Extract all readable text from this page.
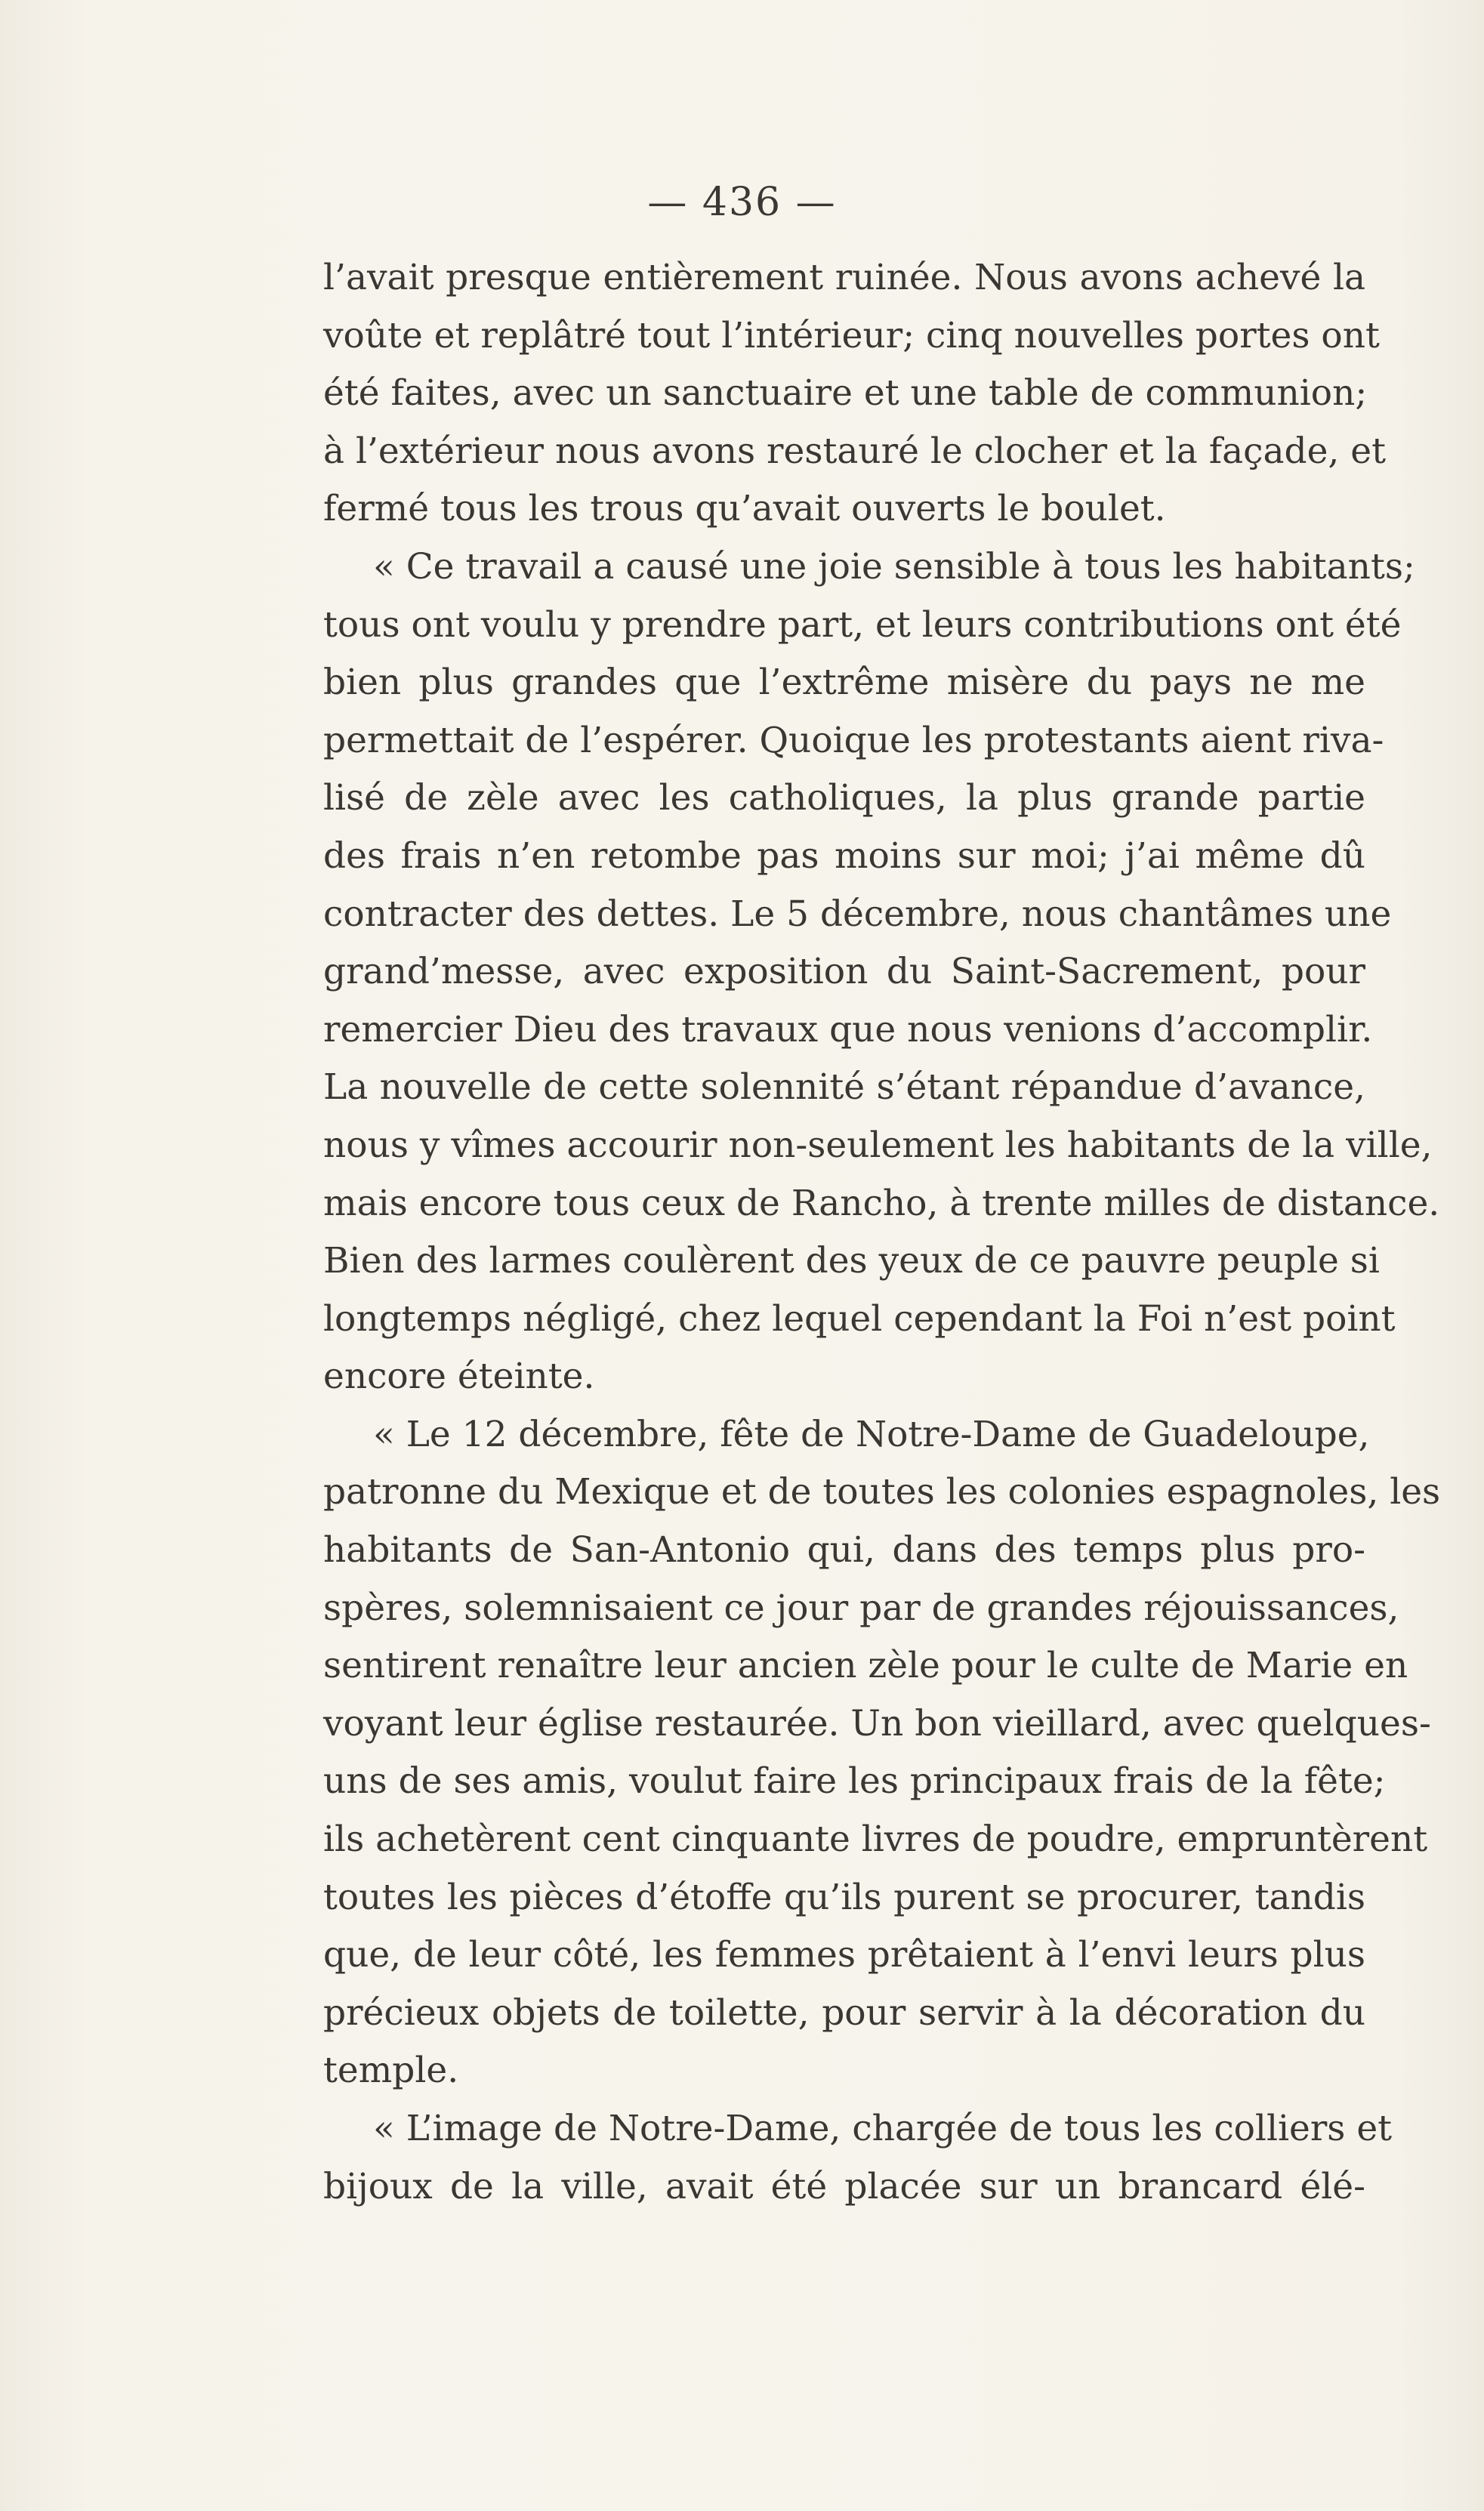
— 436 —
l’avait presque entièrement ruinée. Nous avons achevé la
voûte et replâtré tout l’intérieur; cinq nouvelles portes ont
été faites, avec un sanctuaire et une table de communion;
à l’extérieur nous avons restauré le clocher et la façade, et
fermé tous les trous qu’avait ouverts le boulet.
« Ce travail a causé une joie sensible à tous les habitants;
tous ont voulu y prendre part, et leurs contributions ont été
bien plus grandes que l’extrême misère du pays ne me
permettait de l’espérer. Quoique les protestants aient riva-
lisé de zèle avec les catholiques, la plus grande partie
des frais n’en retombe pas moins sur moi; j’ai même dû
contracter des dettes. Le 5 décembre, nous chantâmes une
grand’messe, avec exposition du Saint-Sacrement, pour
remercier Dieu des travaux que nous venions d’accomplir.
La nouvelle de cette solennité s’étant répandue d’avance,
nous y vîmes accourir non-seulement les habitants de la ville,
mais encore tous ceux de Rancho, à trente milles de distance.
Bien des larmes coulèrent des yeux de ce pauvre peuple si
longtemps négligé, chez lequel cependant la Foi n’est point
encore éteinte.
« Le 12 décembre, fête de Notre-Dame de Guadeloupe,
patronne du Mexique et de toutes les colonies espagnoles, les
habitants de San-Antonio qui, dans des temps plus pro-
spères, solemnisaient ce jour par de grandes réjouissances,
sentirent renaître leur ancien zèle pour le culte de Marie en
voyant leur église restaurée. Un bon vieillard, avec quelques-
uns de ses amis, voulut faire les principaux frais de la fête;
ils achetèrent cent cinquante livres de poudre, empruntèrent
toutes les pièces d’étoffe qu’ils purent se procurer, tandis
que, de leur côté, les femmes prêtaient à l’envi leurs plus
précieux objets de toilette, pour servir à la décoration du
temple.
« L’image de Notre-Dame, chargée de tous les colliers et
bijoux de la ville, avait été placée sur un brancard élé-
